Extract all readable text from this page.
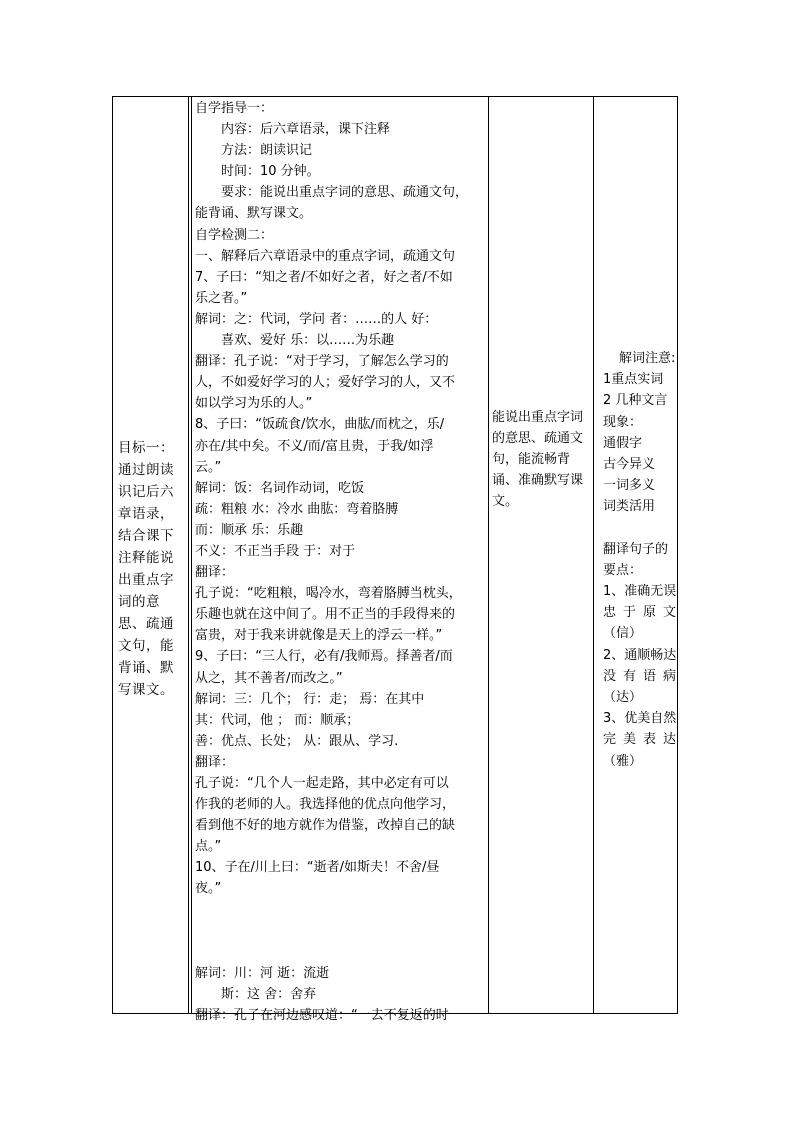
目标一：通过朗读识记后六章语录，结合课下注释能说出重点字词的意思、疏通文句，能背诵、默写课文。
自学指导一：
内容：后六章语录，课下注释
方法：朗读识记
时间：10 分钟。
要求：能说出重点字词的意思、疏通文句，
能背诵、默写课文。
自学检测二：
一、解释后六章语录中的重点字词，疏通文句
7、子曰：“知之者/不如好之者，好之者/不如
乐之者。”
解词：之：代词，学问 者：……的人 好：
喜欢、爱好 乐：以……为乐趣
翻译：孔子说：“对于学习，了解怎么学习的
人，不如爱好学习的人；爱好学习的人，又不
如以学习为乐的人。”
8、子曰：“饭疏食/饮水，曲肱/而枕之，乐/
亦在/其中矣。不义/而/富且贵，于我/如浮
云。”
解词：饭：名词作动词，吃饭
疏：粗粮 水：冷水 曲肱：弯着胳膊
而：顺承 乐：乐趣
不义：不正当手段 于：对于
翻译：
孔子说：“吃粗粮，喝冷水，弯着胳膊当枕头，
乐趣也就在这中间了。用不正当的手段得来的
富贵，对于我来讲就像是天上的浮云一样。”
9、子曰：“三人行，必有/我师焉。择善者/而
从之，其不善者/而改之。”
解词：三：几个； 行：走； 焉：在其中
其：代词，他 ； 而：顺承；
善：优点、长处； 从：跟从、学习.
翻译：
孔子说：“几个人一起走路，其中必定有可以
作我的老师的人。我选择他的优点向他学习，
看到他不好的地方就作为借鉴，改掉自己的缺
点。”
10、子在/川上曰：“逝者/如斯夫！不舍/昼
夜。”
解词：川：河 逝：流逝
斯：这 舍：舍弃
翻译：孔子在河边感叹道：“一去不复返的时
能说出重点字词的意思、疏通文句，能流畅背诵、准确默写课文。
解词注意:
1重点实词
2 几种文言
现象：
通假字
古今异义
一词多义
词类活用
翻译句子的
要点：
1、准确无误
忠于原文
（信）
2、通顺畅达
没有语病
（达）
3、优美自然
完美表达
（雅）
